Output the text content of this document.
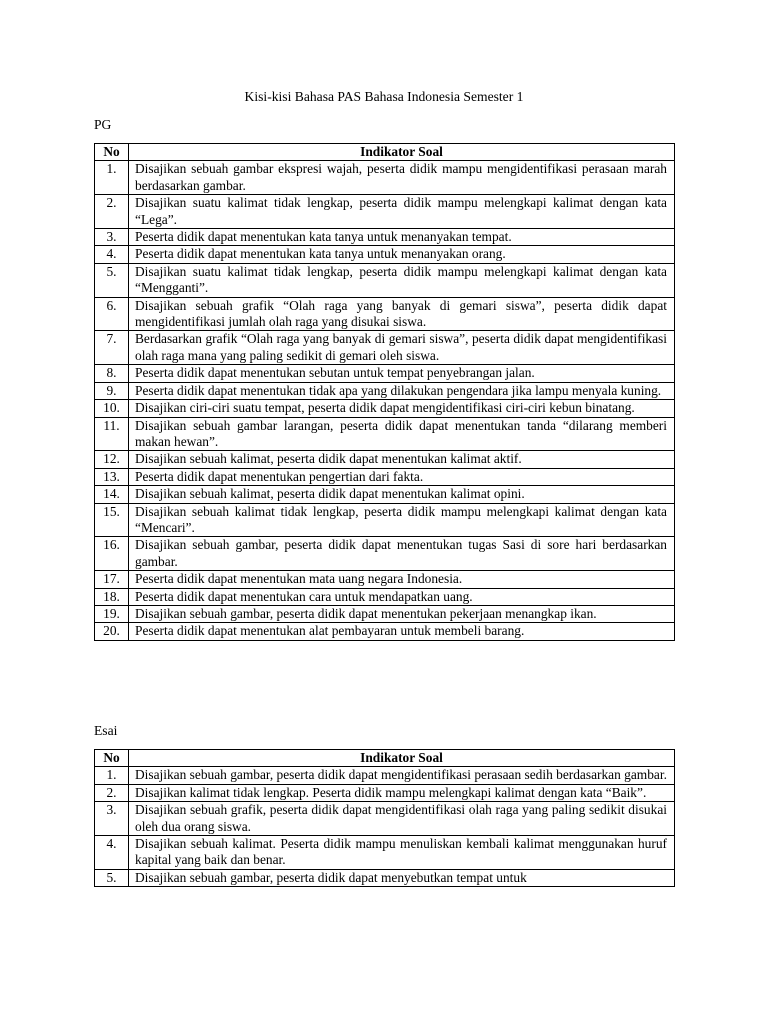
Kisi-kisi Bahasa PAS Bahasa Indonesia Semester 1
PG
No	Indikator Soal
1.	Disajikan sebuah gambar ekspresi wajah, peserta didik mampu mengidentifikasi perasaan marah berdasarkan gambar.
2.	Disajikan suatu kalimat tidak lengkap, peserta didik mampu melengkapi kalimat dengan kata “Lega”.
3.	Peserta didik dapat menentukan kata tanya untuk menanyakan tempat.
4.	Peserta didik dapat menentukan kata tanya untuk menanyakan orang.
5.	Disajikan suatu kalimat tidak lengkap, peserta didik mampu melengkapi kalimat dengan kata “Mengganti”.
6.	Disajikan sebuah grafik “Olah raga yang banyak di gemari siswa”, peserta didik dapat mengidentifikasi jumlah olah raga yang disukai siswa.
7.	Berdasarkan grafik “Olah raga yang banyak di gemari siswa”, peserta didik dapat mengidentifikasi olah raga mana yang paling sedikit di gemari oleh siswa.
8.	Peserta didik dapat menentukan sebutan untuk tempat penyebrangan jalan.
9.	Peserta didik dapat menentukan tidak apa yang dilakukan pengendara jika lampu menyala kuning.
10.	Disajikan ciri-ciri suatu tempat, peserta didik dapat mengidentifikasi ciri-ciri kebun binatang.
11.	Disajikan sebuah gambar larangan, peserta didik dapat menentukan tanda “dilarang memberi makan hewan”.
12.	Disajikan sebuah kalimat, peserta didik dapat menentukan kalimat aktif.
13.	Peserta didik dapat menentukan pengertian dari fakta.
14.	Disajikan sebuah kalimat, peserta didik dapat menentukan kalimat opini.
15.	Disajikan sebuah kalimat tidak lengkap, peserta didik mampu melengkapi kalimat dengan kata “Mencari”.
16.	Disajikan sebuah gambar, peserta didik dapat menentukan tugas Sasi di sore hari berdasarkan gambar.
17.	Peserta didik dapat menentukan mata uang negara Indonesia.
18.	Peserta didik dapat menentukan cara untuk mendapatkan uang.
19.	Disajikan sebuah gambar, peserta didik dapat menentukan pekerjaan menangkap ikan.
20.	Peserta didik dapat menentukan alat pembayaran untuk membeli barang.
Esai
No	Indikator Soal
1.	Disajikan sebuah gambar, peserta didik dapat mengidentifikasi perasaan sedih berdasarkan gambar.
2.	Disajikan kalimat tidak lengkap. Peserta didik mampu melengkapi kalimat dengan kata “Baik”.
3.	Disajikan sebuah grafik, peserta didik dapat mengidentifikasi olah raga yang paling sedikit disukai oleh dua orang siswa.
4.	Disajikan sebuah kalimat. Peserta didik mampu menuliskan kembali kalimat menggunakan huruf kapital yang baik dan benar.
5.	Disajikan sebuah gambar, peserta didik dapat menyebutkan tempat untuk
